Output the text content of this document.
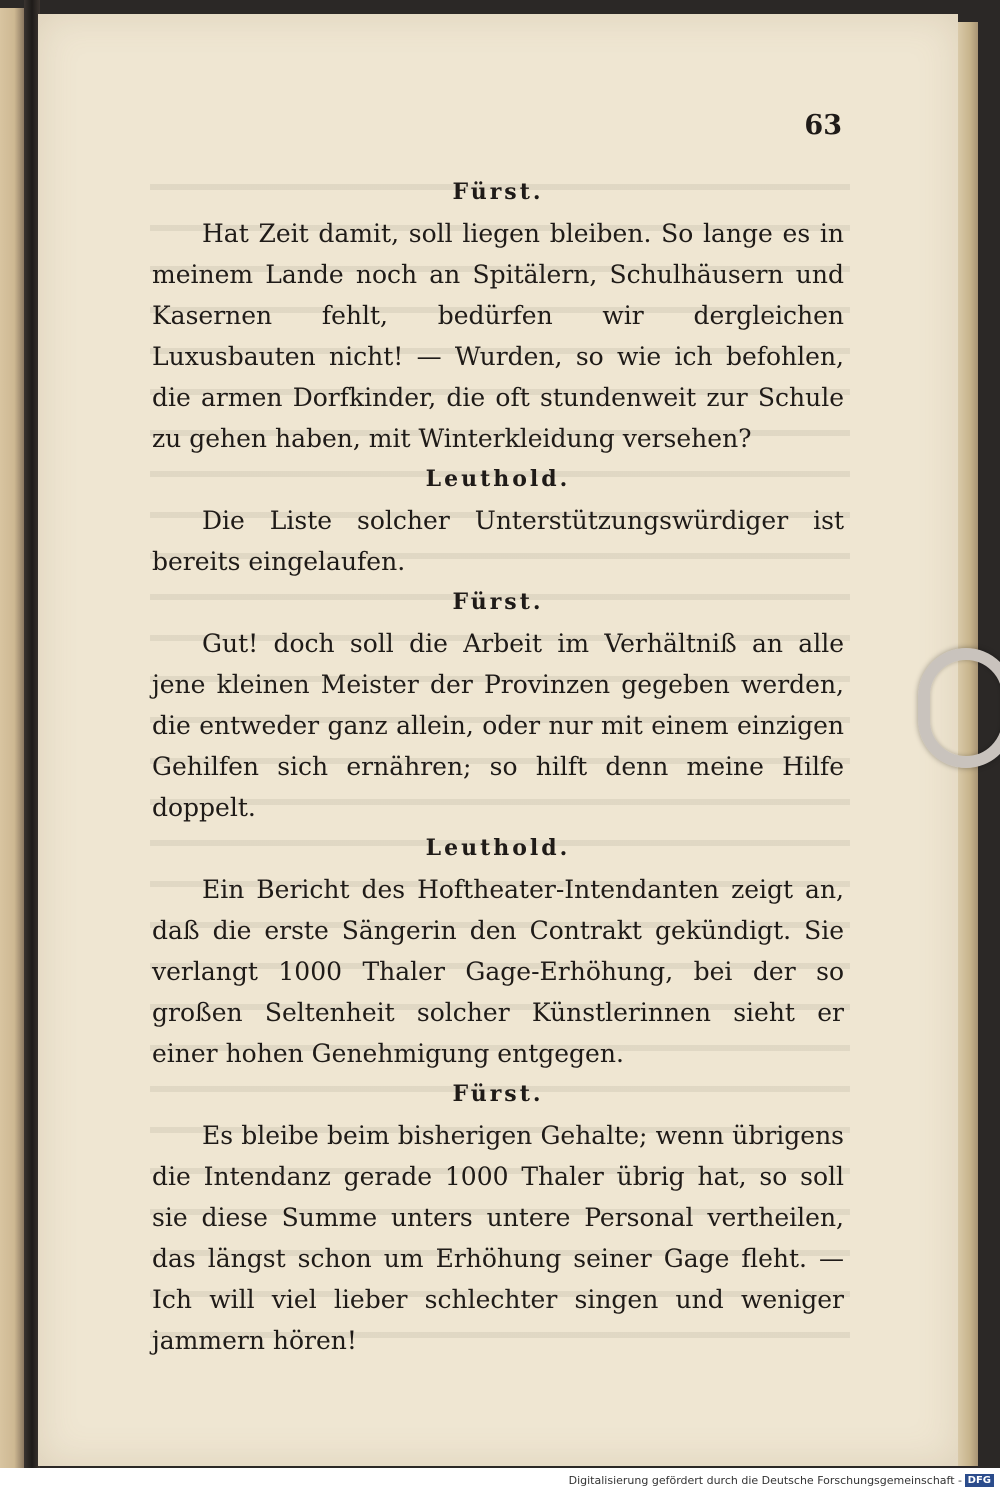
63
Fürst.

Hat Zeit damit, soll liegen bleiben. So lange es in meinem Lande noch an Spitälern, Schulhäusern und Kasernen fehlt, bedürfen wir dergleichen Luxusbauten nicht! — Wurden, so wie ich befohlen, die armen Dorfkinder, die oft stundenweit zur Schule zu gehen haben, mit Winterkleidung versehen?

Leuthold.

Die Liste solcher Unterstützungswürdiger ist bereits eingelaufen.

Fürst.

Gut! doch soll die Arbeit im Verhältniß an alle jene kleinen Meister der Provinzen gegeben werden, die entweder ganz allein, oder nur mit einem einzigen Gehilfen sich ernähren; so hilft denn meine Hilfe doppelt.

Leuthold.

Ein Bericht des Hoftheater-Intendanten zeigt an, daß die erste Sängerin den Contrakt gekündigt. Sie verlangt 1000 Thaler Gage-Erhöhung, bei der so großen Seltenheit solcher Künstlerinnen sieht er einer hohen Genehmigung entgegen.

Fürst.

Es bleibe beim bisherigen Gehalte; wenn übrigens die Intendanz gerade 1000 Thaler übrig hat, so soll sie diese Summe unters untere Personal vertheilen, das längst schon um Erhöhung seiner Gage fleht. — Ich will viel lieber schlechter singen und weniger jammern hören!

Digitalisierung gefördert durch die Deutsche Forschungsgemeinschaft - DFG
